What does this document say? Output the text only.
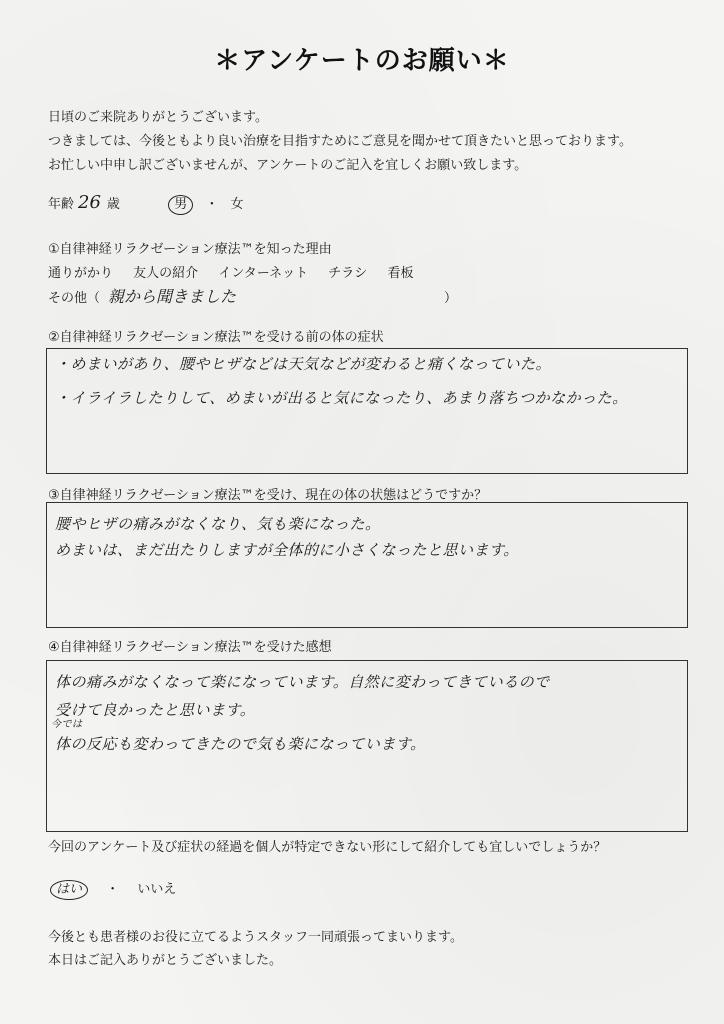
＊アンケートのお願い＊
日頃のご来院ありがとうございます。
つきましては、今後ともより良い治療を目指すためにご意見を聞かせて頂きたいと思っております。
お忙しい中申し訳ございませんが、アンケートのご記入を宜しくお願い致します。
年齢 26 歳	男 ・ 女
①自律神経リラクゼーション療法™を知った理由
通りがかり 友人の紹介 インターネット チラシ 看板
その他（ 親から聞きました	）
②自律神経リラクゼーション療法™を受ける前の体の症状
・めまいがあり、腰やヒザなどは天気などが変わると痛くなっていた。
・イライラしたりして、めまいが出ると気になったり、あまり落ちつかなかった。
③自律神経リラクゼーション療法™を受け、現在の体の状態はどうですか？
腰やヒザの痛みがなくなり、気も楽になった。
めまいは、まだ出たりしますが全体的に小さくなったと思います。
④自律神経リラクゼーション療法™を受けた感想
体の痛みがなくなって楽になっています。自然に変わってきているので
受けて良かったと思います。
今では
体の反応も変わってきたので気も楽になっています。
今回のアンケート及び症状の経過を個人が特定できない形にして紹介しても宜しいでしょうか？
はい ・ いいえ
今後とも患者様のお役に立てるようスタッフ一同頑張ってまいります。
本日はご記入ありがとうございました。
